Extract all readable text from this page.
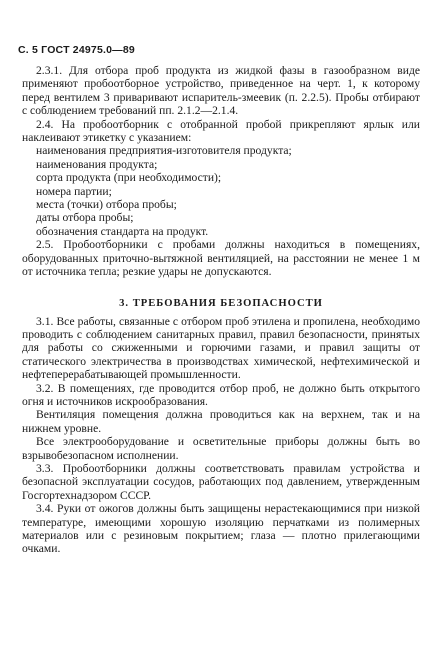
С. 5 ГОСТ 24975.0—89

2.3.1. Для отбора проб продукта из жидкой фазы в газообразном виде применяют пробоотборное устройство, приведенное на черт. 1, к которому перед вентилем 3 приваривают испаритель-змеевик (п. 2.2.5). Пробы отбирают с соблюдением требований пп. 2.1.2—2.1.4.

2.4. На пробоотборник с отобранной пробой прикрепляют ярлык или наклеивают этикетку с указанием:

наименования предприятия-изготовителя продукта;

наименования продукта;

сорта продукта (при необходимости);

номера партии;

места (точки) отбора пробы;

даты отбора пробы;

обозначения стандарта на продукт.

2.5. Пробоотборники с пробами должны находиться в помещениях, оборудованных приточно-вытяжной вентиляцией, на расстоянии не менее 1 м от источника тепла; резкие удары не допускаются.

3. ТРЕБОВАНИЯ БЕЗОПАСНОСТИ

3.1. Все работы, связанные с отбором проб этилена и пропилена, необходимо проводить с соблюдением санитарных правил, правил безопасности, принятых для работы со сжиженными и горючими газами, и правил защиты от статического электричества в производствах химической, нефтехимической и нефтеперерабатывающей промышленности.

3.2. В помещениях, где проводится отбор проб, не должно быть открытого огня и источников искрообразования.

Вентиляция помещения должна проводиться как на верхнем, так и на нижнем уровне.

Все электрооборудование и осветительные приборы должны быть во взрывобезопасном исполнении.

3.3. Пробоотборники должны соответствовать правилам устройства и безопасной эксплуатации сосудов, работающих под давлением, утвержденным Госгортехнадзором СССР.

3.4. Руки от ожогов должны быть защищены нерастекающимися при низкой температуре, имеющими хорошую изоляцию перчатками из полимерных материалов или с резиновым покрытием; глаза — плотно прилегающими очками.
